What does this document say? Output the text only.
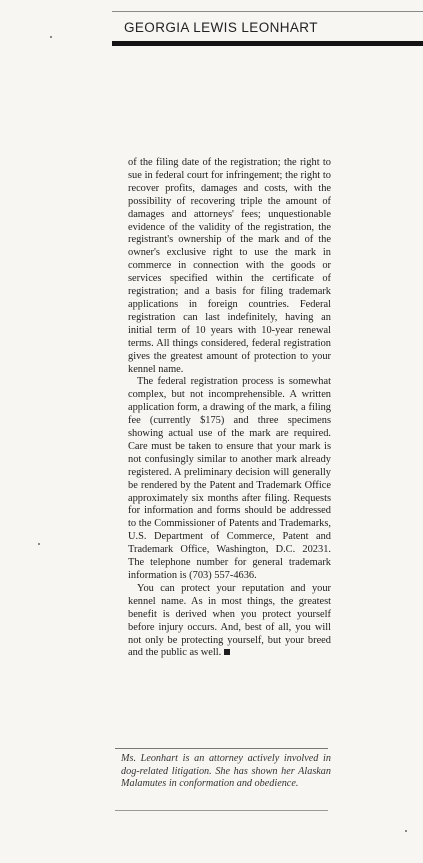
GEORGIA LEWIS LEONHART

of the filing date of the registration; the right to sue in federal court for infringement; the right to recover profits, damages and costs, with the possibility of recovering triple the amount of damages and attorneys' fees; unquestionable evidence of the validity of the registration, the registrant's ownership of the mark and of the owner's exclusive right to use the mark in commerce in connection with the goods or services specified within the certificate of registration; and a basis for filing trademark applications in foreign countries. Federal registration can last indefinitely, having an initial term of 10 years with 10-year renewal terms. All things considered, federal registration gives the greatest amount of protection to your kennel name.

The federal registration process is somewhat complex, but not incomprehensible. A written application form, a drawing of the mark, a filing fee (currently $175) and three specimens showing actual use of the mark are required. Care must be taken to ensure that your mark is not confusingly similar to another mark already registered. A preliminary decision will generally be rendered by the Patent and Trademark Office approximately six months after filing. Requests for information and forms should be addressed to the Commissioner of Patents and Trademarks, U.S. Department of Commerce, Patent and Trademark Office, Washington, D.C. 20231. The telephone number for general trademark information is (703) 557-4636.

You can protect your reputation and your kennel name. As in most things, the greatest benefit is derived when you protect yourself before injury occurs. And, best of all, you will not only be protecting yourself, but your breed and the public as well.

Ms. Leonhart is an attorney actively involved in dog-related litigation. She has shown her Alaskan Malamutes in conformation and obedience.
